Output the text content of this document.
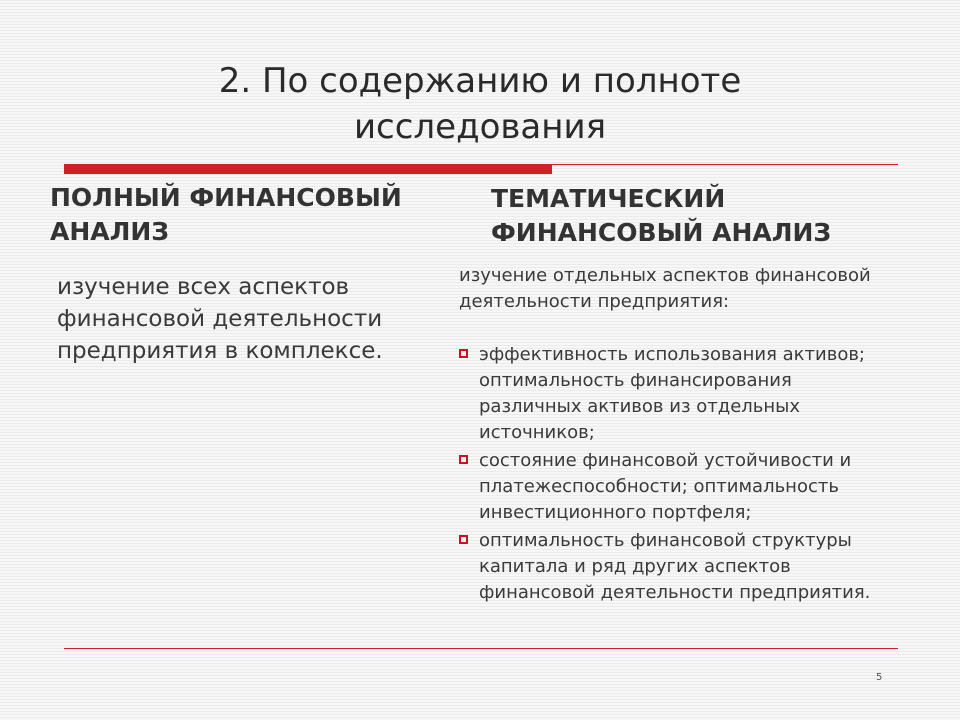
2. По содержанию и полноте исследования
ПОЛНЫЙ ФИНАНСОВЫЙ АНАЛИЗ
ТЕМАТИЧЕСКИЙ ФИНАНСОВЫЙ АНАЛИЗ
изучение всех аспектов финансовой деятельности предприятия в комплексе.
изучение отдельных аспектов финансовой деятельности предприятия:
эффективность использования активов; оптимальность финансирования различных активов из отдельных источников;
состояние финансовой устойчивости и платежеспособности; оптимальность инвестиционного портфеля;
оптимальность финансовой структуры капитала и ряд других аспектов финансовой деятельности предприятия.
5
